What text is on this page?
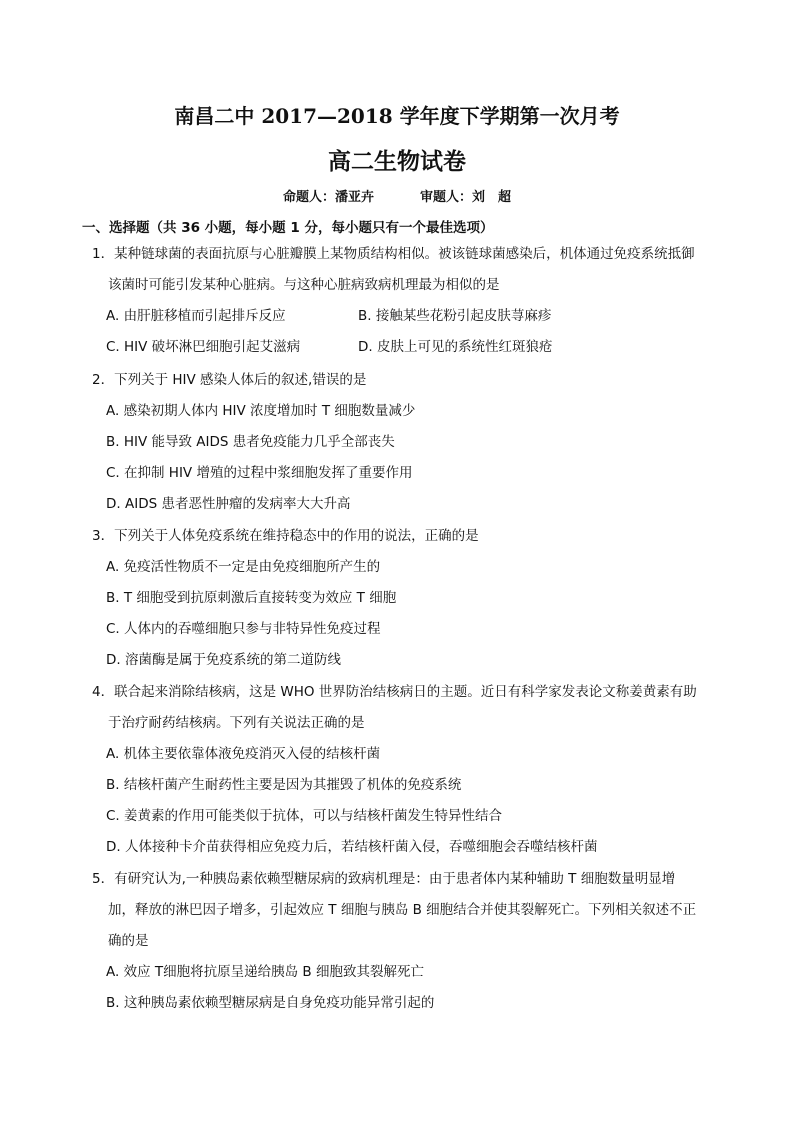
南昌二中 2017—2018 学年度下学期第一次月考
高二生物试卷
命题人：潘亚卉	审题人：刘　超
一、选择题（共 36 小题，每小题 1 分，每小题只有一个最佳选项）

1．某种链球菌的表面抗原与心脏瓣膜上某物质结构相似。被该链球菌感染后，机体通过免疫系统抵御该菌时可能引发某种心脏病。与这种心脏病致病机理最为相似的是

A. 由肝脏移植而引起排斥反应	B. 接触某些花粉引起皮肤荨麻疹
C. HIV 破坏淋巴细胞引起艾滋病	D. 皮肤上可见的系统性红斑狼疮

2．下列关于 HIV 感染人体后的叙述,错误的是

A. 感染初期人体内 HIV 浓度增加时 T 细胞数量减少

B. HIV 能导致 AIDS 患者免疫能力几乎全部丧失

C. 在抑制 HIV 增殖的过程中浆细胞发挥了重要作用

D. AIDS 患者恶性肿瘤的发病率大大升高

3．下列关于人体免疫系统在维持稳态中的作用的说法，正确的是

A. 免疫活性物质不一定是由免疫细胞所产生的

B. T 细胞受到抗原刺激后直接转变为效应 T 细胞

C. 人体内的吞噬细胞只参与非特异性免疫过程

D. 溶菌酶是属于免疫系统的第二道防线

4．联合起来消除结核病，这是 WHO 世界防治结核病日的主题。近日有科学家发表论文称姜黄素有助于治疗耐药结核病。下列有关说法正确的是

A. 机体主要依靠体液免疫消灭入侵的结核杆菌

B. 结核杆菌产生耐药性主要是因为其摧毁了机体的免疫系统

C. 姜黄素的作用可能类似于抗体，可以与结核杆菌发生特异性结合

D. 人体接种卡介苗获得相应免疫力后，若结核杆菌入侵，吞噬细胞会吞噬结核杆菌

5．有研究认为,一种胰岛素依赖型糖尿病的致病机理是：由于患者体内某种辅助 T 细胞数量明显增加，释放的淋巴因子增多，引起效应 T 细胞与胰岛 B 细胞结合并使其裂解死亡。下列相关叙述不正确的是

A. 效应 T细胞将抗原呈递给胰岛 B 细胞致其裂解死亡

B. 这种胰岛素依赖型糖尿病是自身免疫功能异常引起的
